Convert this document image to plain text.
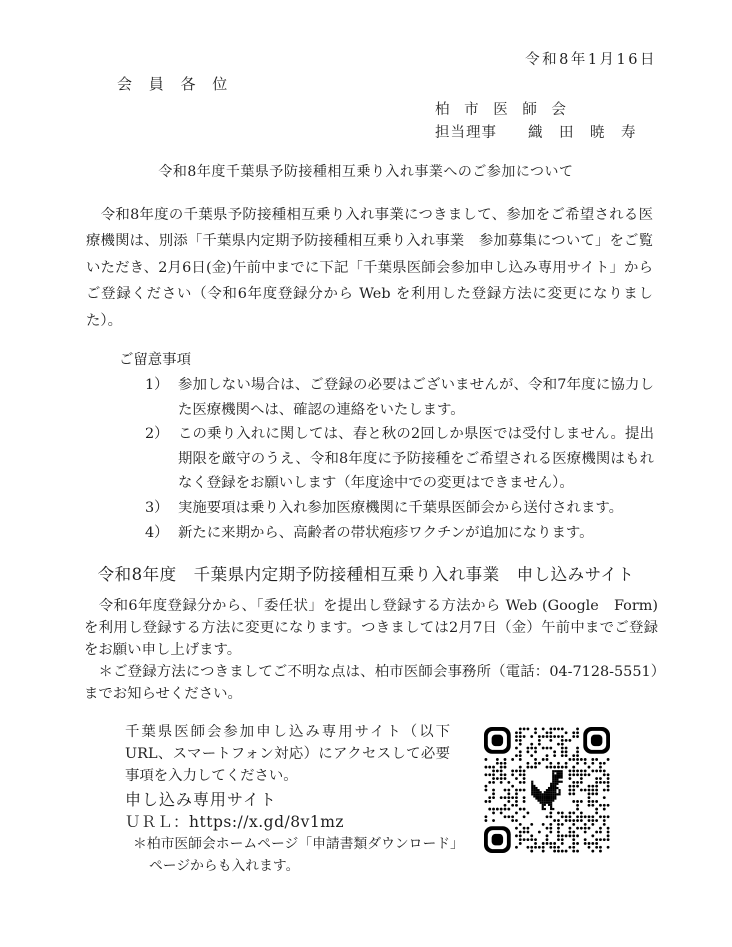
令和8年1月16日
会 員 各 位
柏 市 医 師 会
担当理事　　織　田　暁　寿
令和8年度千葉県予防接種相互乗り入れ事業へのご参加について

　令和8年度の千葉県予防接種相互乗り入れ事業につきまして、参加をご希望される医療機関は、別添「千葉県内定期予防接種相互乗り入れ事業　参加募集について」をご覧いただき、2月6日(金)午前中までに下記「千葉県医師会参加申し込み専用サイト」からご登録ください（令和6年度登録分から Web を利用した登録方法に変更になりました）。

ご留意事項
1） 参加しない場合は、ご登録の必要はございませんが、令和7年度に協力した医療機関へは、確認の連絡をいたします。
2） この乗り入れに関しては、春と秋の2回しか県医では受付しません。提出期限を厳守のうえ、令和8年度に予防接種をご希望される医療機関はもれなく登録をお願いします（年度途中での変更はできません）。
3） 実施要項は乗り入れ参加医療機関に千葉県医師会から送付されます。
4） 新たに来期から、高齢者の帯状疱疹ワクチンが追加になります。
令和8年度　千葉県内定期予防接種相互乗り入れ事業　申し込みサイト

　令和6年度登録分から、「委任状」を提出し登録する方法から Web (Google　Form) を利用し登録する方法に変更になります。つきましては2月7日（金）午前中までご登録をお願い申し上げます。

　＊ご登録方法につきましてご不明な点は、柏市医師会事務所（電話：04-7128-5551）までお知らせください。

千葉県医師会参加申し込み専用サイト（以下 URL、スマートフォン対応）にアクセスして必要事項を入力してください。

申し込み専用サイト
ＵＲＬ：https://x.gd/8v1mz
＊柏市医師会ホームページ「申請書類ダウンロード」
ページからも入れます。
